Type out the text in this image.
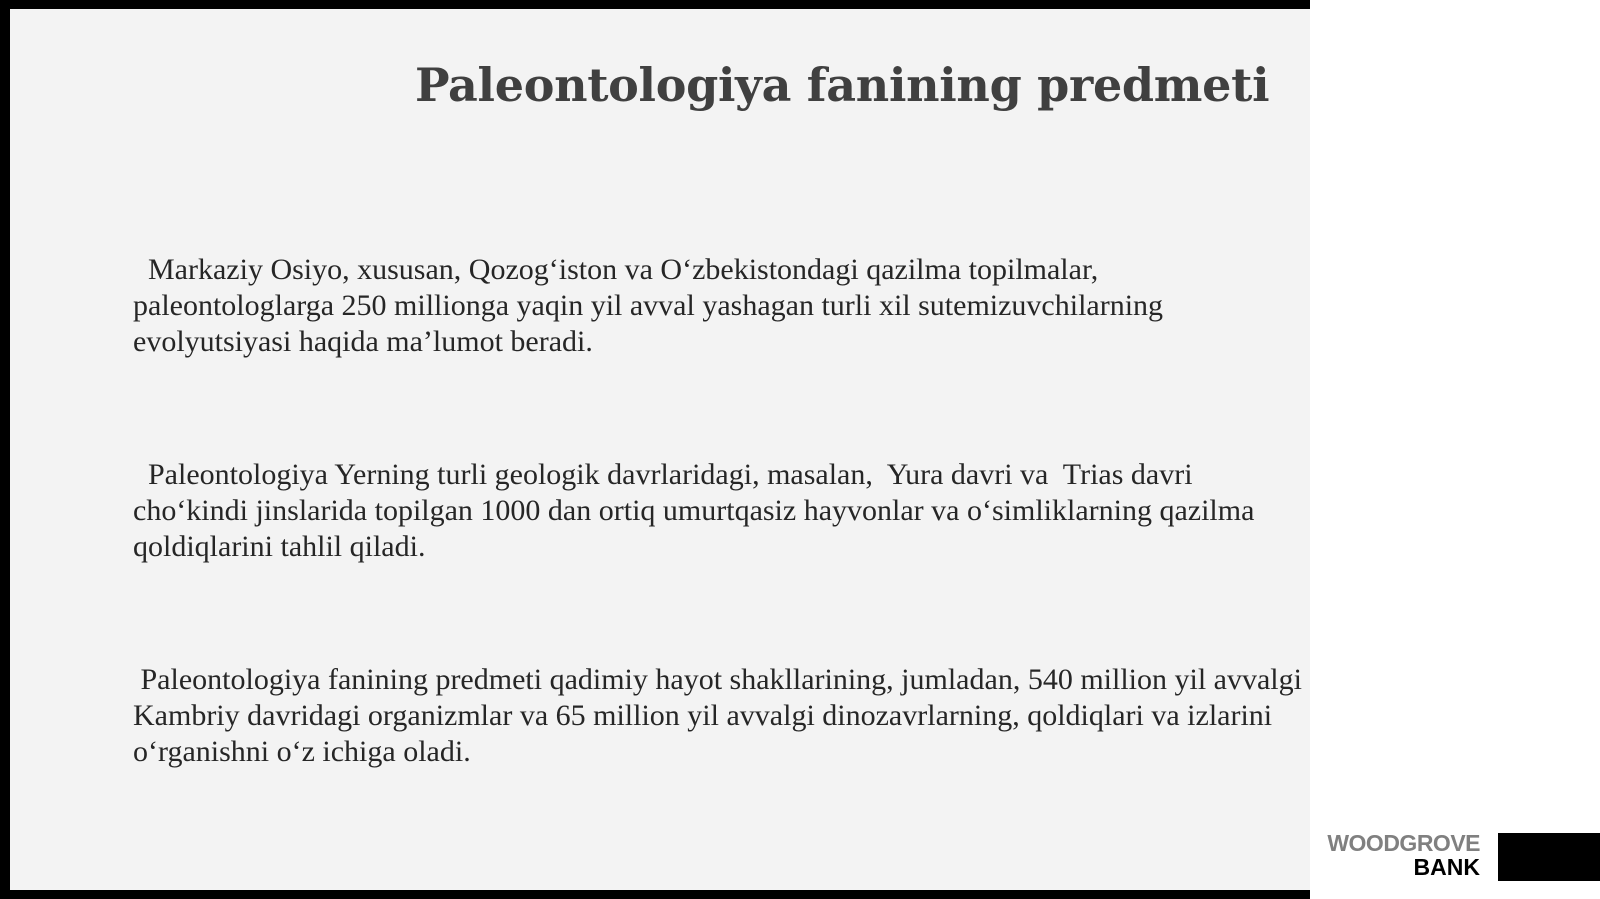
Paleontologiya fanining predmeti

Markaziy Osiyo, xususan, Qozog‘iston va O‘zbekistondagi qazilma topilmalar,
paleontologlarga 250 millionga yaqin yil avval yashagan turli xil sutemizuvchilarning
evolyutsiyasi haqida ma’lumot beradi.

Paleontologiya Yerning turli geologik davrlaridagi, masalan,  Yura davri va  Trias davri
cho‘kindi jinslarida topilgan 1000 dan ortiq umurtqasiz hayvonlar va o‘simliklarning qazilma
qoldiqlarini tahlil qiladi.

Paleontologiya fanining predmeti qadimiy hayot shakllarining, jumladan, 540 million yil avvalgi
Kambriy davridagi organizmlar va 65 million yil avvalgi dinozavrlarning, qoldiqlari va izlarini
o‘rganishni o‘z ichiga oladi.

WOODGROVE
BANK
